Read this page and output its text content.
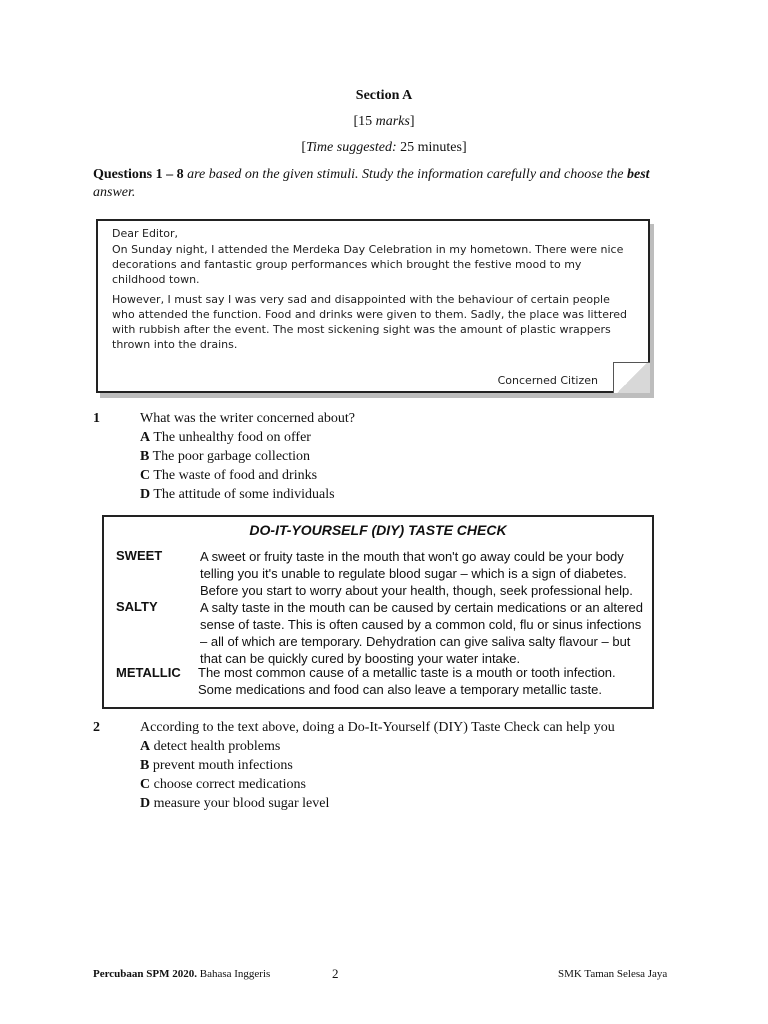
Section A
[15 marks]
[Time suggested: 25 minutes]
Questions 1 – 8 are based on the given stimuli. Study the information carefully and choose the best answer.

Dear Editor,

On Sunday night, I attended the Merdeka Day Celebration in my hometown. There were nice decorations and fantastic group performances which brought the festive mood to my childhood town.

However, I must say I was very sad and disappointed with the behaviour of certain people who attended the function. Food and drinks were given to them. Sadly, the place was littered with rubbish after the event. The most sickening sight was the amount of plastic wrappers thrown into the drains.

Concerned Citizen
1	What was the writer concerned about?
A The unhealthy food on offer
B The poor garbage collection
C The waste of food and drinks
D The attitude of some individuals
DO-IT-YOURSELF (DIY) TASTE CHECK
SWEET	A sweet or fruity taste in the mouth that won't go away could be your body telling you it's unable to regulate blood sugar – which is a sign of diabetes. Before you start to worry about your health, though, seek professional help.
SALTY	A salty taste in the mouth can be caused by certain medications or an altered sense of taste. This is often caused by a common cold, flu or sinus infections – all of which are temporary. Dehydration can give saliva salty flavour – but that can be quickly cured by boosting your water intake.
METALLIC The most common cause of a metallic taste is a mouth or tooth infection. Some medications and food can also leave a temporary metallic taste.
2	According to the text above, doing a Do-It-Yourself (DIY) Taste Check can help you
A detect health problems
B prevent mouth infections
C choose correct medications
D measure your blood sugar level
Percubaan SPM 2020. Bahasa Inggeris	2	SMK Taman Selesa Jaya
